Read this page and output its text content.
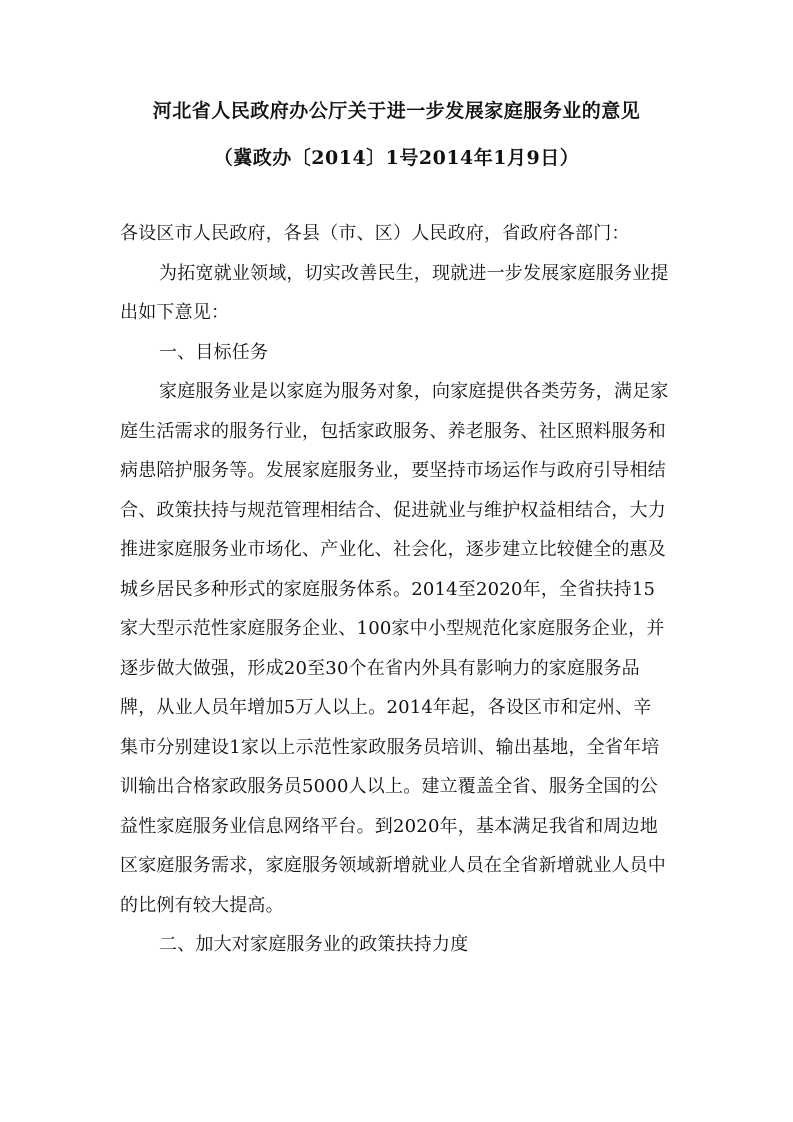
河北省人民政府办公厅关于进一步发展家庭服务业的意见
（冀政办〔2014〕1号2014年1月9日）
各设区市人民政府，各县（市、区）人民政府，省政府各部门：
为拓宽就业领域，切实改善民生，现就进一步发展家庭服务业提
出如下意见：
一、目标任务
家庭服务业是以家庭为服务对象，向家庭提供各类劳务，满足家
庭生活需求的服务行业，包括家政服务、养老服务、社区照料服务和
病患陪护服务等。发展家庭服务业，要坚持市场运作与政府引导相结
合、政策扶持与规范管理相结合、促进就业与维护权益相结合，大力
推进家庭服务业市场化、产业化、社会化，逐步建立比较健全的惠及
城乡居民多种形式的家庭服务体系。2014至2020年，全省扶持15
家大型示范性家庭服务企业、100家中小型规范化家庭服务企业，并
逐步做大做强，形成20至30个在省内外具有影响力的家庭服务品
牌，从业人员年增加5万人以上。2014年起，各设区市和定州、辛
集市分别建设1家以上示范性家政服务员培训、输出基地，全省年培
训输出合格家政服务员5000人以上。建立覆盖全省、服务全国的公
益性家庭服务业信息网络平台。到2020年，基本满足我省和周边地
区家庭服务需求，家庭服务领域新增就业人员在全省新增就业人员中
的比例有较大提高。
二、加大对家庭服务业的政策扶持力度
